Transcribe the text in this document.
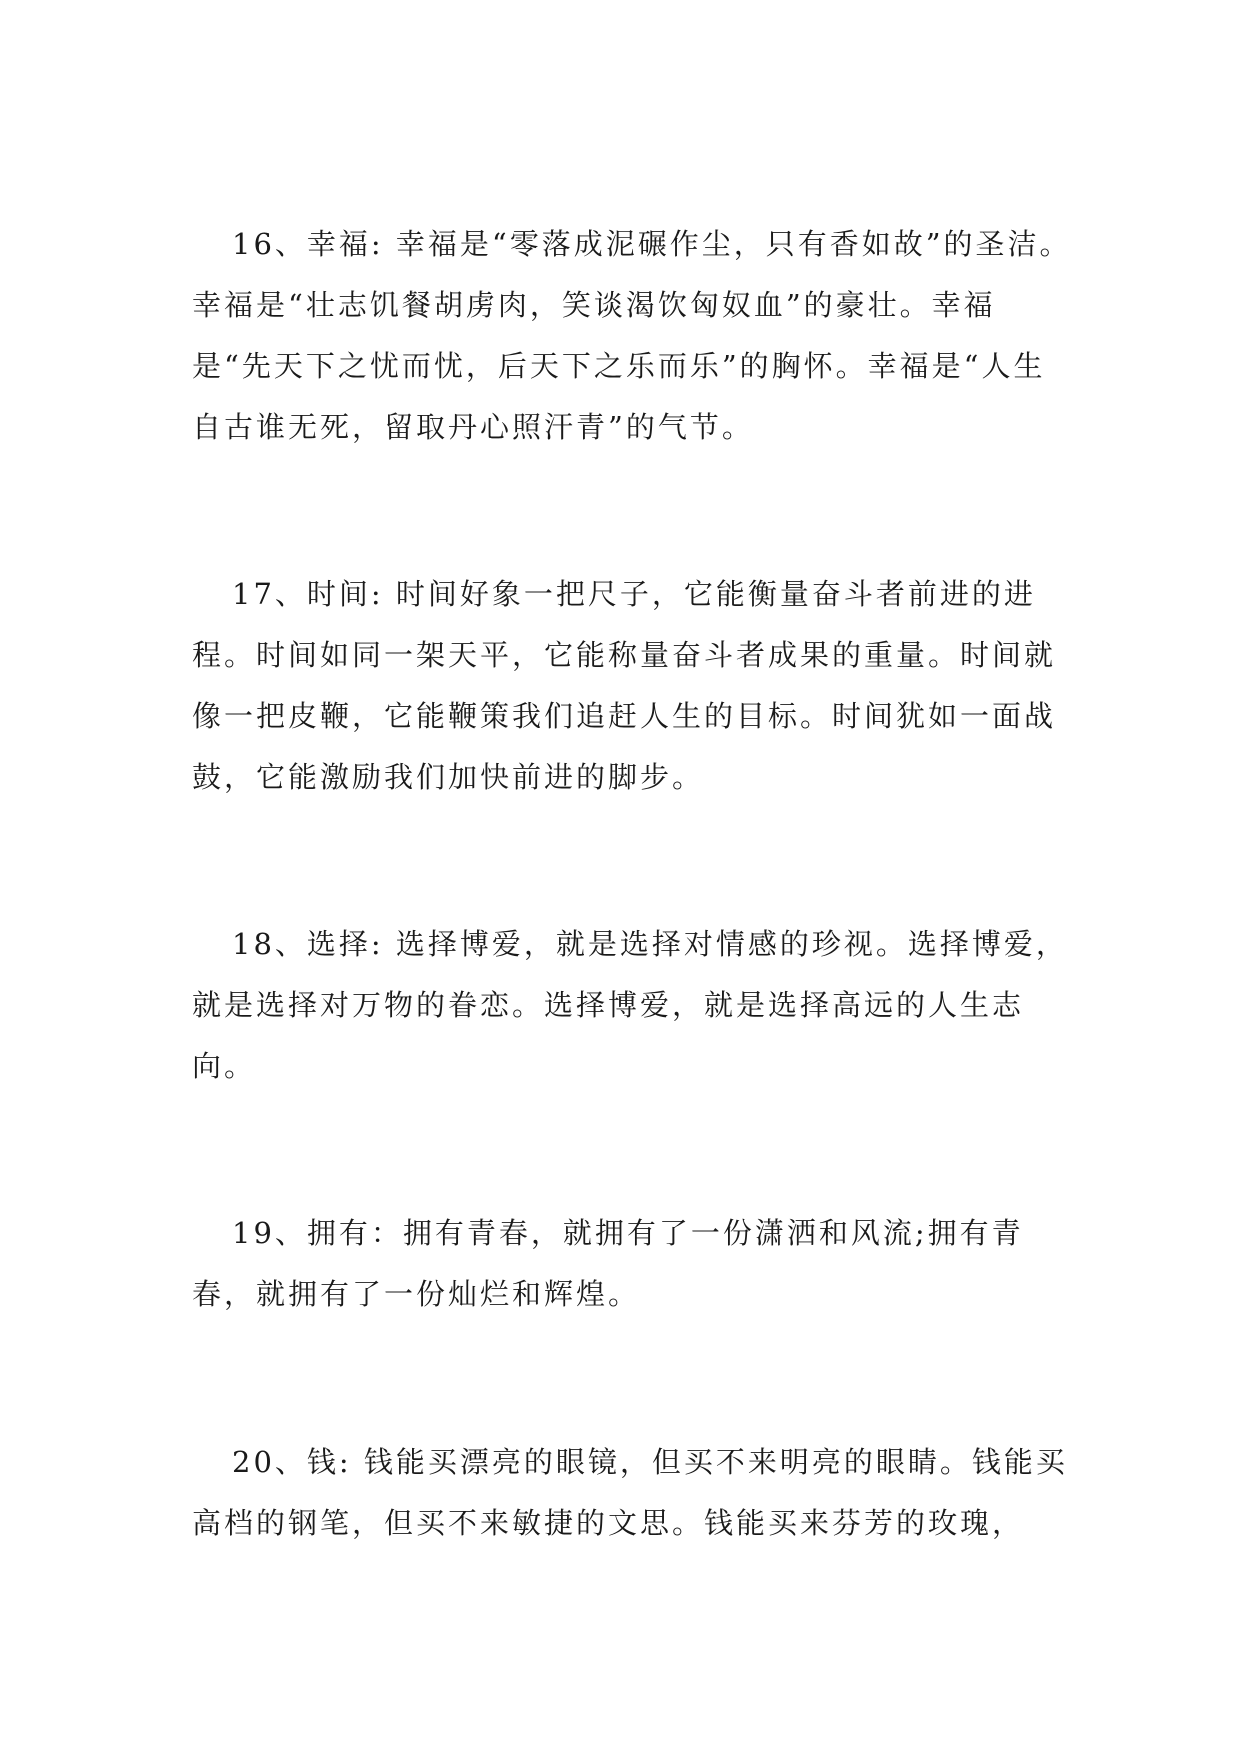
16、幸福: 幸福是“零落成泥碾作尘，只有香如故”的圣洁。幸福是“壮志饥餐胡虏肉，笑谈渴饮匈奴血”的豪壮。幸福是“先天下之忧而忧，后天下之乐而乐”的胸怀。幸福是“人生自古谁无死，留取丹心照汗青”的气节。

17、时间: 时间好象一把尺子，它能衡量奋斗者前进的进程。时间如同一架天平，它能称量奋斗者成果的重量。时间就像一把皮鞭，它能鞭策我们追赶人生的目标。时间犹如一面战鼓，它能激励我们加快前进的脚步。

18、选择: 选择博爱，就是选择对情感的珍视。选择博爱，就是选择对万物的眷恋。选择博爱，就是选择高远的人生志向。

19、拥有：拥有青春，就拥有了一份潇洒和风流;拥有青春，就拥有了一份灿烂和辉煌。

20、钱: 钱能买漂亮的眼镜，但买不来明亮的眼睛。钱能买高档的钢笔，但买不来敏捷的文思。钱能买来芬芳的玫瑰，
